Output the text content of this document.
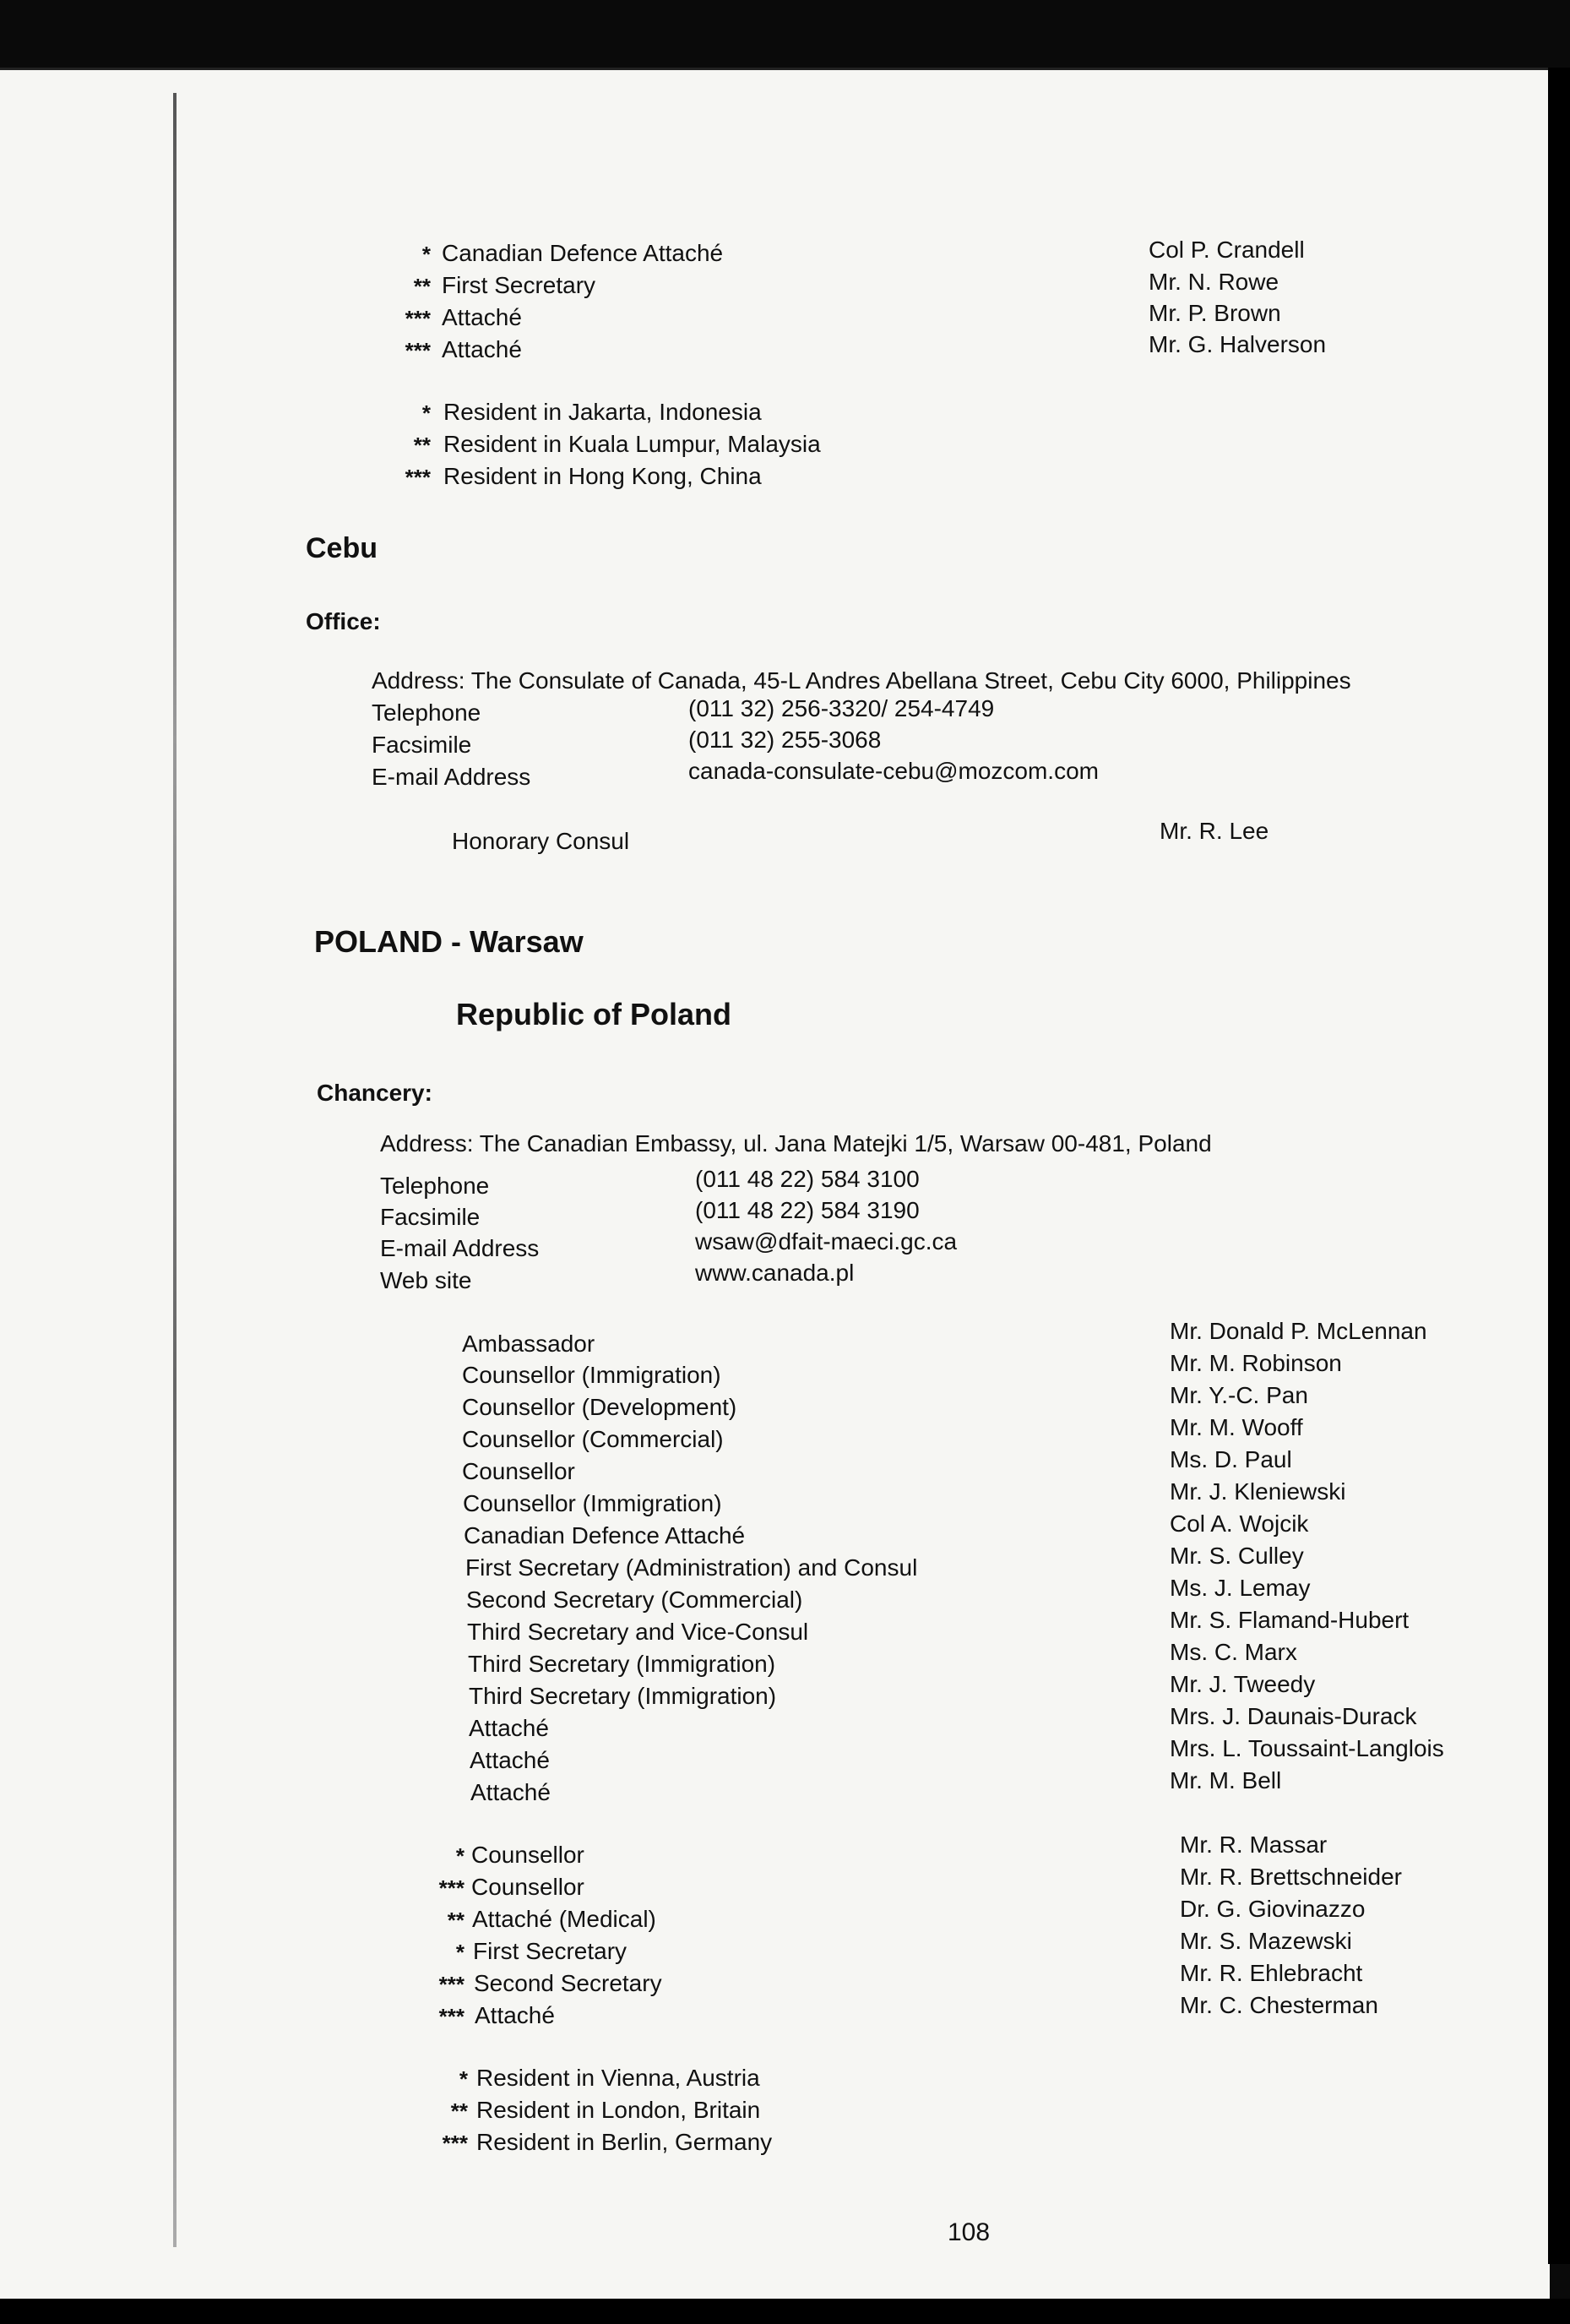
* Canadian Defence Attaché	Col P. Crandell
** First Secretary	Mr. N. Rowe
*** Attaché	Mr. P. Brown
*** Attaché	Mr. G. Halverson
* Resident in Jakarta, Indonesia
** Resident in Kuala Lumpur, Malaysia
*** Resident in Hong Kong, China
Cebu
Office:
Address: The Consulate of Canada, 45-L Andres Abellana Street, Cebu City 6000, Philippines
Telephone	(011 32) 256-3320/ 254-4749
Facsimile	(011 32) 255-3068
E-mail Address	canada-consulate-cebu@mozcom.com
Honorary Consul	Mr. R. Lee
POLAND - Warsaw
Republic of Poland
Chancery:
Address: The Canadian Embassy, ul. Jana Matejki 1/5, Warsaw 00-481, Poland
Telephone	(011 48 22) 584 3100
Facsimile	(011 48 22) 584 3190
E-mail Address	wsaw@dfait-maeci.gc.ca
Web site	www.canada.pl
Ambassador	Mr. Donald P. McLennan
Counsellor (Immigration)	Mr. M. Robinson
Counsellor (Development)	Mr. Y.-C. Pan
Counsellor (Commercial)	Mr. M. Wooff
Counsellor	Ms. D. Paul
Counsellor (Immigration)	Mr. J. Kleniewski
Canadian Defence Attaché	Col A. Wojcik
First Secretary (Administration) and Consul	Mr. S. Culley
Second Secretary (Commercial)	Ms. J. Lemay
Third Secretary and Vice-Consul	Mr. S. Flamand-Hubert
Third Secretary (Immigration)	Ms. C. Marx
Third Secretary (Immigration)	Mr. J. Tweedy
Attaché	Mrs. J. Daunais-Durack
Attaché	Mrs. L. Toussaint-Langlois
Attaché	Mr. M. Bell
* Counsellor	Mr. R. Massar
*** Counsellor	Mr. R. Brettschneider
** Attaché (Medical)	Dr. G. Giovinazzo
* First Secretary	Mr. S. Mazewski
*** Second Secretary	Mr. R. Ehlebracht
*** Attaché	Mr. C. Chesterman
* Resident in Vienna, Austria
** Resident in London, Britain
*** Resident in Berlin, Germany
108
